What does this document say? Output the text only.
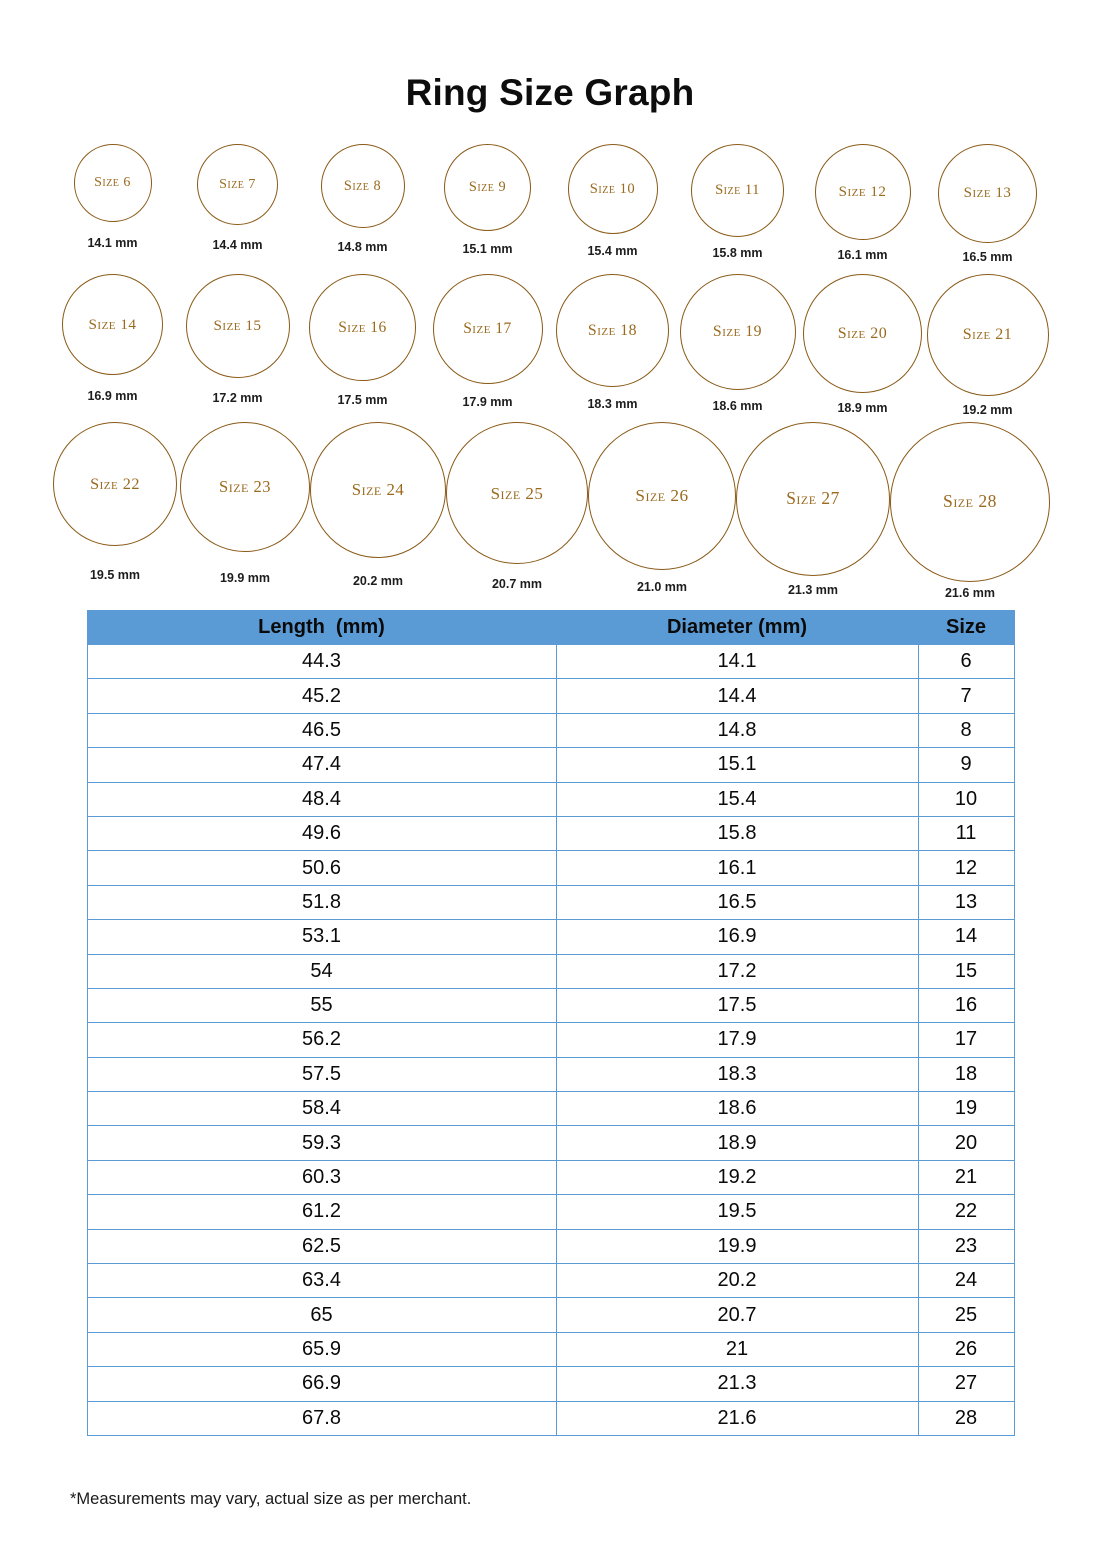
Ring Size Graph
Size 6
14.1 mm
Size 7
14.4 mm
Size 8
14.8 mm
Size 9
15.1 mm
Size 10
15.4 mm
Size 11
15.8 mm
Size 12
16.1 mm
Size 13
16.5 mm
Size 14
16.9 mm
Size 15
17.2 mm
Size 16
17.5 mm
Size 17
17.9 mm
Size 18
18.3 mm
Size 19
18.6 mm
Size 20
18.9 mm
Size 21
19.2 mm
Size 22
19.5 mm
Size 23
19.9 mm
Size 24
20.2 mm
Size 25
20.7 mm
Size 26
21.0 mm
Size 27
21.3 mm
Size 28
21.6 mm
Length  (mm)	Diameter (mm)	Size
44.3	14.1	6
45.2	14.4	7
46.5	14.8	8
47.4	15.1	9
48.4	15.4	10
49.6	15.8	11
50.6	16.1	12
51.8	16.5	13
53.1	16.9	14
54	17.2	15
55	17.5	16
56.2	17.9	17
57.5	18.3	18
58.4	18.6	19
59.3	18.9	20
60.3	19.2	21
61.2	19.5	22
62.5	19.9	23
63.4	20.2	24
65	20.7	25
65.9	21	26
66.9	21.3	27
67.8	21.6	28
*Measurements may vary, actual size as per merchant.
